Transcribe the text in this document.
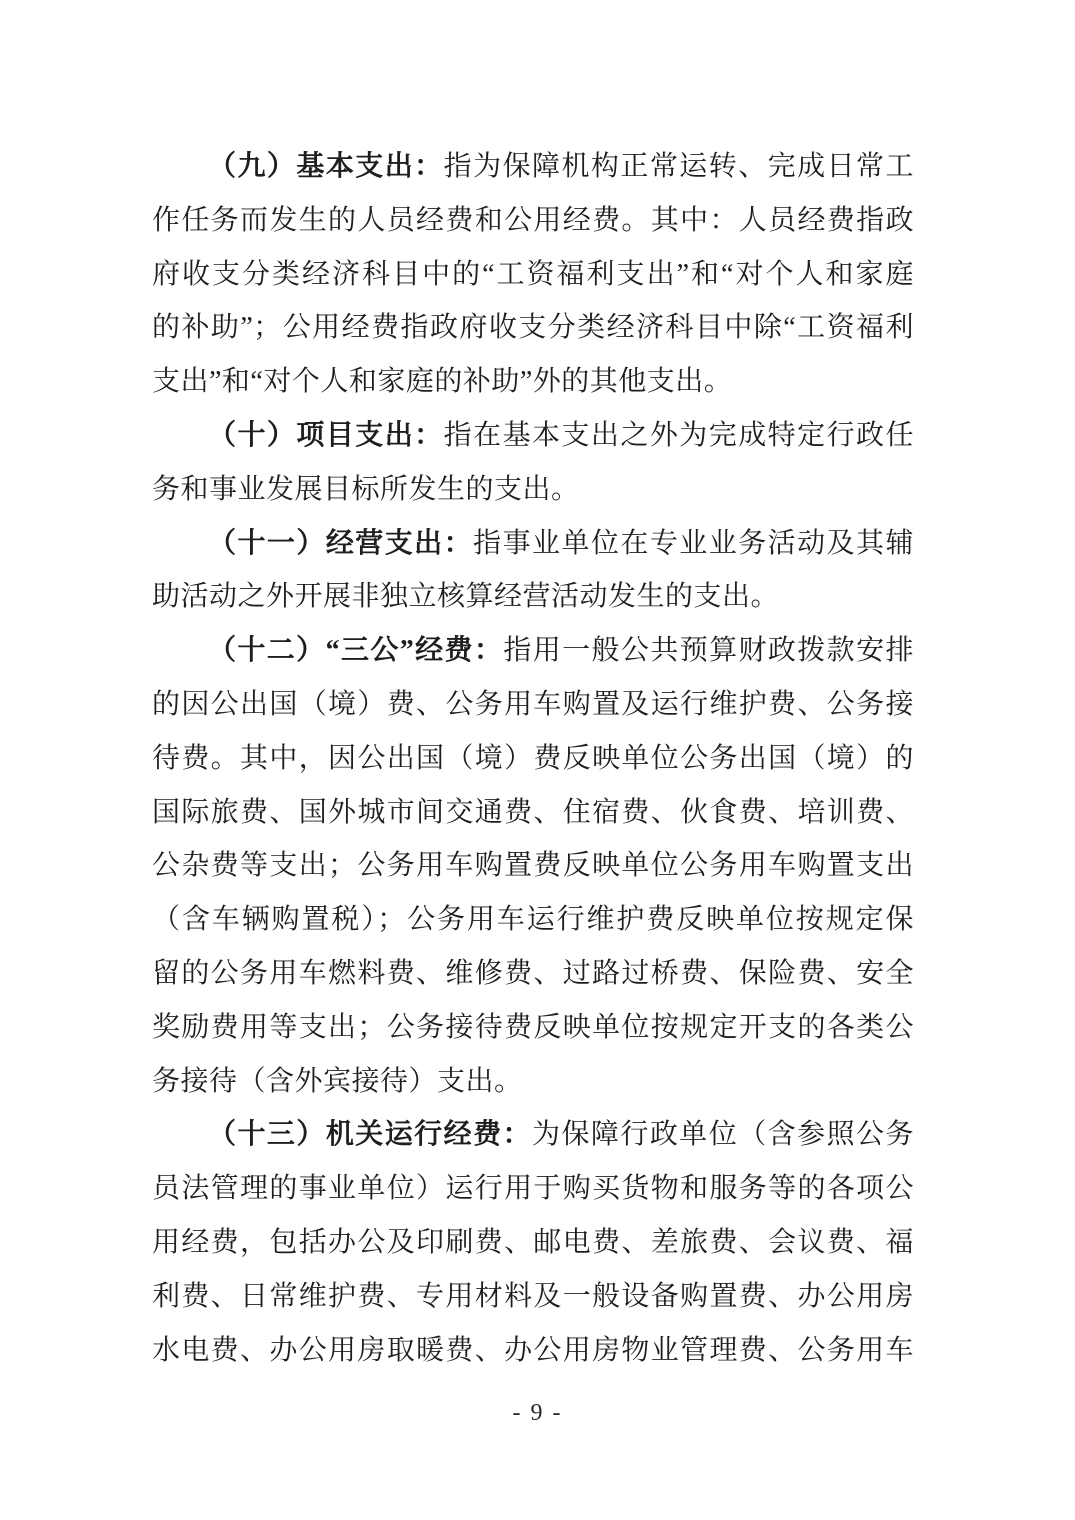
（九）基本支出：指为保障机构正常运转、完成日常工
作任务而发生的人员经费和公用经费。其中：人员经费指政
府收支分类经济科目中的“工资福利支出”和“对个人和家庭
的补助”；公用经费指政府收支分类经济科目中除“工资福利
支出”和“对个人和家庭的补助”外的其他支出。
（十）项目支出：指在基本支出之外为完成特定行政任
务和事业发展目标所发生的支出。
（十一）经营支出：指事业单位在专业业务活动及其辅
助活动之外开展非独立核算经营活动发生的支出。
（十二）“三公”经费：指用一般公共预算财政拨款安排
的因公出国（境）费、公务用车购置及运行维护费、公务接
待费。其中，因公出国（境）费反映单位公务出国（境）的
国际旅费、国外城市间交通费、住宿费、伙食费、培训费、
公杂费等支出；公务用车购置费反映单位公务用车购置支出
（含车辆购置税）；公务用车运行维护费反映单位按规定保
留的公务用车燃料费、维修费、过路过桥费、保险费、安全
奖励费用等支出；公务接待费反映单位按规定开支的各类公
务接待（含外宾接待）支出。
（十三）机关运行经费：为保障行政单位（含参照公务
员法管理的事业单位）运行用于购买货物和服务等的各项公
用经费，包括办公及印刷费、邮电费、差旅费、会议费、福
利费、日常维护费、专用材料及一般设备购置费、办公用房
水电费、办公用房取暖费、办公用房物业管理费、公务用车
- 9 -
